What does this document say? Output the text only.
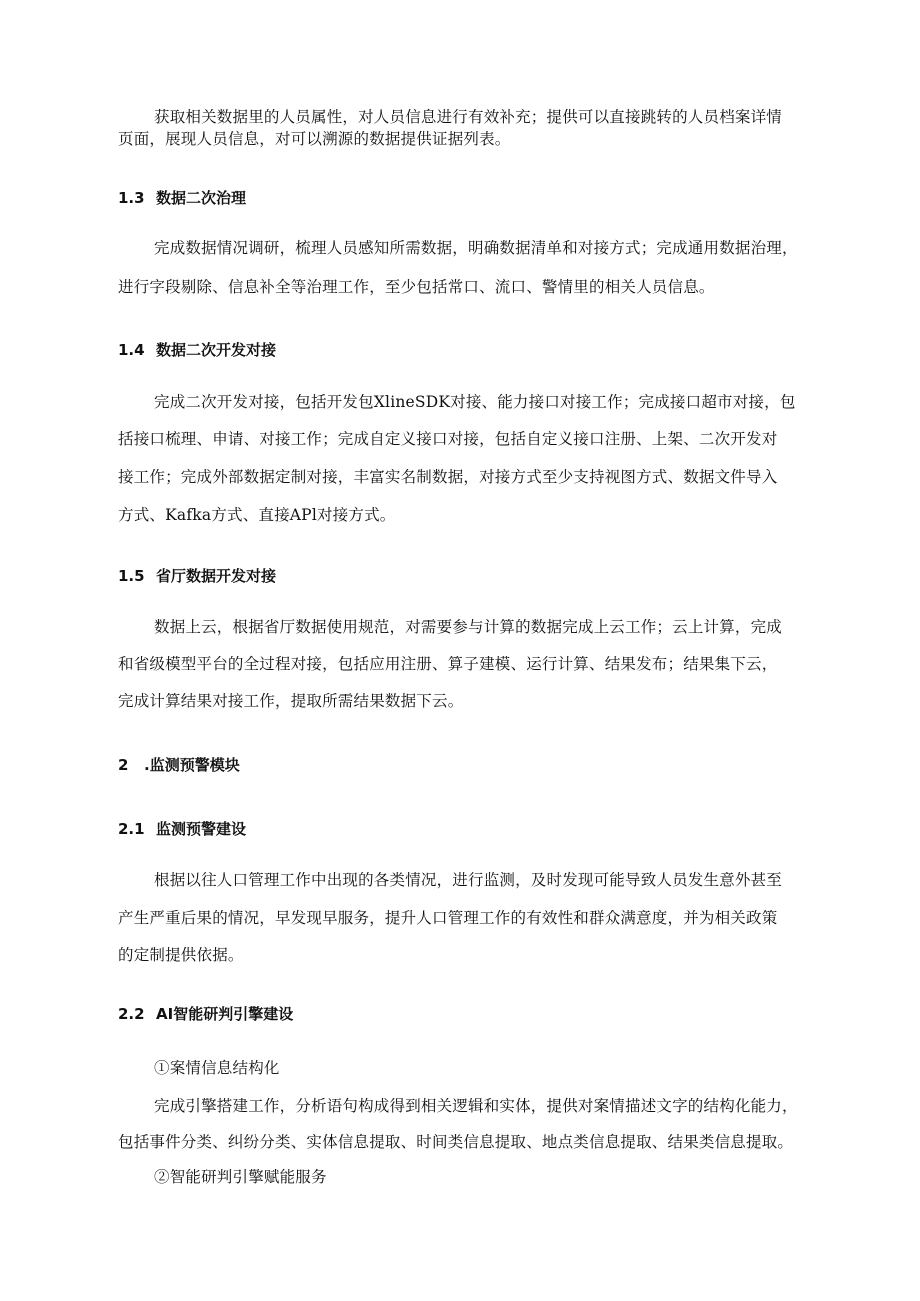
获取相关数据里的人员属性，对人员信息进行有效补充；提供可以直接跳转的人员档案详情
页面，展现人员信息，对可以溯源的数据提供证据列表。
1.3 数据二次治理
完成数据情况调研，梳理人员感知所需数据，明确数据清单和对接方式；完成通用数据治理，
进行字段剔除、信息补全等治理工作，至少包括常口、流口、警情里的相关人员信息。
1.4 数据二次开发对接
完成二次开发对接，包括开发包XlineSDK对接、能力接口对接工作；完成接口超市对接，包
括接口梳理、申请、对接工作；完成自定义接口对接，包括自定义接口注册、上架、二次开发对
接工作；完成外部数据定制对接，丰富实名制数据，对接方式至少支持视图方式、数据文件导入
方式、Kafka方式、直接APl对接方式。
1.5 省厅数据开发对接
数据上云，根据省厅数据使用规范，对需要参与计算的数据完成上云工作；云上计算，完成
和省级模型平台的全过程对接，包括应用注册、算子建模、运行计算、结果发布；结果集下云，
完成计算结果对接工作，提取所需结果数据下云。
2 .监测预警模块
2.1 监测预警建设
根据以往人口管理工作中出现的各类情况，进行监测，及时发现可能导致人员发生意外甚至
产生严重后果的情况，早发现早服务，提升人口管理工作的有效性和群众满意度，并为相关政策
的定制提供依据。
2.2 AI智能研判引擎建设
①案情信息结构化
完成引擎搭建工作，分析语句构成得到相关逻辑和实体，提供对案情描述文字的结构化能力，
包括事件分类、纠纷分类、实体信息提取、时间类信息提取、地点类信息提取、结果类信息提取。
②智能研判引擎赋能服务
